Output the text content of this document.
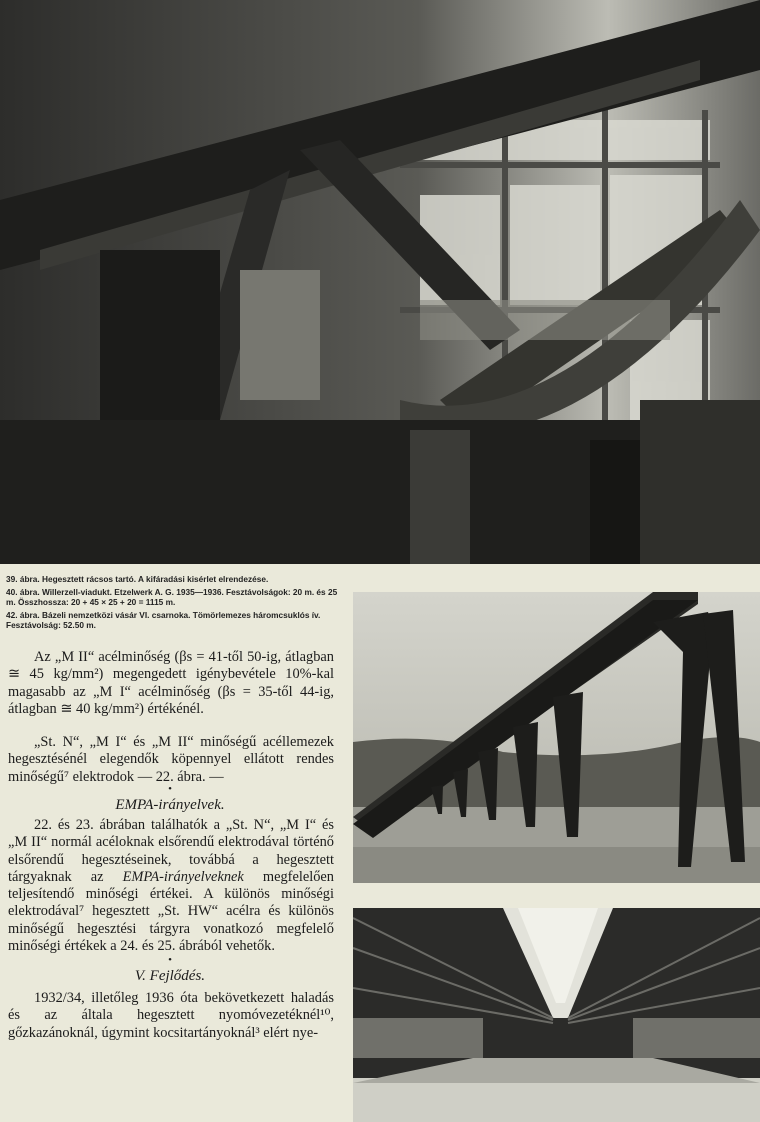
39. ábra. Hegesztett rácsos tartó. A kifáradási kisérlet elrendezése.
40. ábra. Willerzell-viadukt. Etzelwerk A. G. 1935—1936. Fesztávolságok: 20 m. és 25 m. Összhossza: 20 + 45 × 25 + 20 = 1115 m.
42. ábra. Bázeli nemzetközi vásár VI. csarnoka. Tömörlemezes háromcsuklós ív. Fesztávolság: 52.50 m.

Az „M II“ acélminőség (βs = 41-től 50-ig, átlagban ≅ 45 kg/mm²) megengedett igénybevétele 10%-kal magasabb az „M I“ acélminőség (βs = 35-től 44-ig, átlagban ≅ 40 kg/mm²) értékénél.

„St. N“, „M I“ és „M II“ minőségű acéllemezek hegesztésénél elegendők köpennyel ellátott rendes minőségű⁷ elektrodok — 22. ábra. —

•
EMPA-irányelvek.

22. és 23. ábrában találhatók a „St. N“, „M I“ és „M II“ normál acéloknak elsőrendű elektrodával történő elsőrendű hegesztéseinek, továbbá a hegesztett tárgyaknak az EMPA-irányelveknek megfelelően teljesítendő minőségi értékei. A különös minőségi elektrodával⁷ hegesztett „St. HW“ acélra és különös minőségű hegesztési tárgyra vonatkozó megfelelő minőségi értékek a 24. és 25. ábrából vehetők.

•
V. Fejlődés.

1932/34, illetőleg 1936 óta bekövetkezett haladás és az általa hegesztett nyomóvezetéknél¹⁰, gőzkazánoknál, úgymint kocsitartányoknál³ elért nye-
